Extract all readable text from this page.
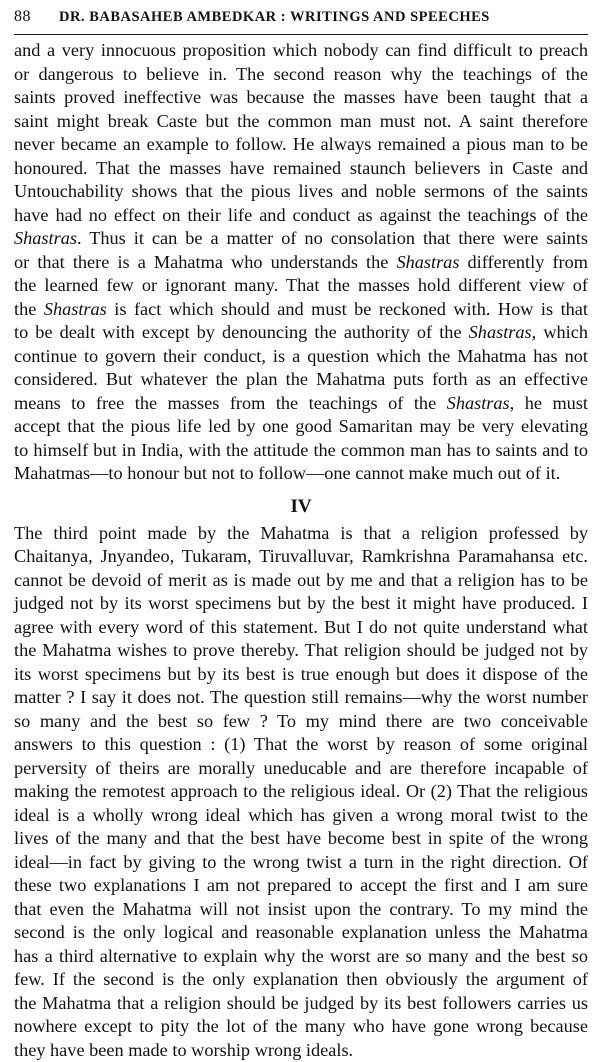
88 DR. BABASAHEB AMBEDKAR : WRITINGS AND SPEECHES
and a very innocuous proposition which nobody can find difficult to preach
or dangerous to believe in. The second reason why the teachings of the
saints proved ineffective was because the masses have been taught that a
saint might break Caste but the common man must not. A saint therefore
never became an example to follow. He always remained a pious man to be
honoured. That the masses have remained staunch believers in Caste and
Untouchability shows that the pious lives and noble sermons of the saints
have had no effect on their life and conduct as against the teachings of the
Shastras. Thus it can be a matter of no consolation that there were saints
or that there is a Mahatma who understands the Shastras differently from
the learned few or ignorant many. That the masses hold different view of
the Shastras is fact which should and must be reckoned with. How is that
to be dealt with except by denouncing the authority of the Shastras, which
continue to govern their conduct, is a question which the Mahatma has not
considered. But whatever the plan the Mahatma puts forth as an effective
means to free the masses from the teachings of the Shastras, he must
accept that the pious life led by one good Samaritan may be very elevating
to himself but in India, with the attitude the common man has to saints and to
Mahatmas—to honour but not to follow—one cannot make much out of it.
IV
The third point made by the Mahatma is that a religion professed by
Chaitanya, Jnyandeo, Tukaram, Tiruvalluvar, Ramkrishna Paramahansa etc.
cannot be devoid of merit as is made out by me and that a religion has to be
judged not by its worst specimens but by the best it might have produced. I
agree with every word of this statement. But I do not quite understand what
the Mahatma wishes to prove thereby. That religion should be judged not by
its worst specimens but by its best is true enough but does it dispose of the
matter ? I say it does not. The question still remains—why the worst number
so many and the best so few ? To my mind there are two conceivable
answers to this question : (1) That the worst by reason of some original
perversity of theirs are morally uneducable and are therefore incapable of
making the remotest approach to the religious ideal. Or (2) That the religious
ideal is a wholly wrong ideal which has given a wrong moral twist to the
lives of the many and that the best have become best in spite of the wrong
ideal—in fact by giving to the wrong twist a turn in the right direction. Of
these two explanations I am not prepared to accept the first and I am sure
that even the Mahatma will not insist upon the contrary. To my mind the
second is the only logical and reasonable explanation unless the Mahatma
has a third alternative to explain why the worst are so many and the best so
few. If the second is the only explanation then obviously the argument of
the Mahatma that a religion should be judged by its best followers carries us
nowhere except to pity the lot of the many who have gone wrong because
they have been made to worship wrong ideals.
